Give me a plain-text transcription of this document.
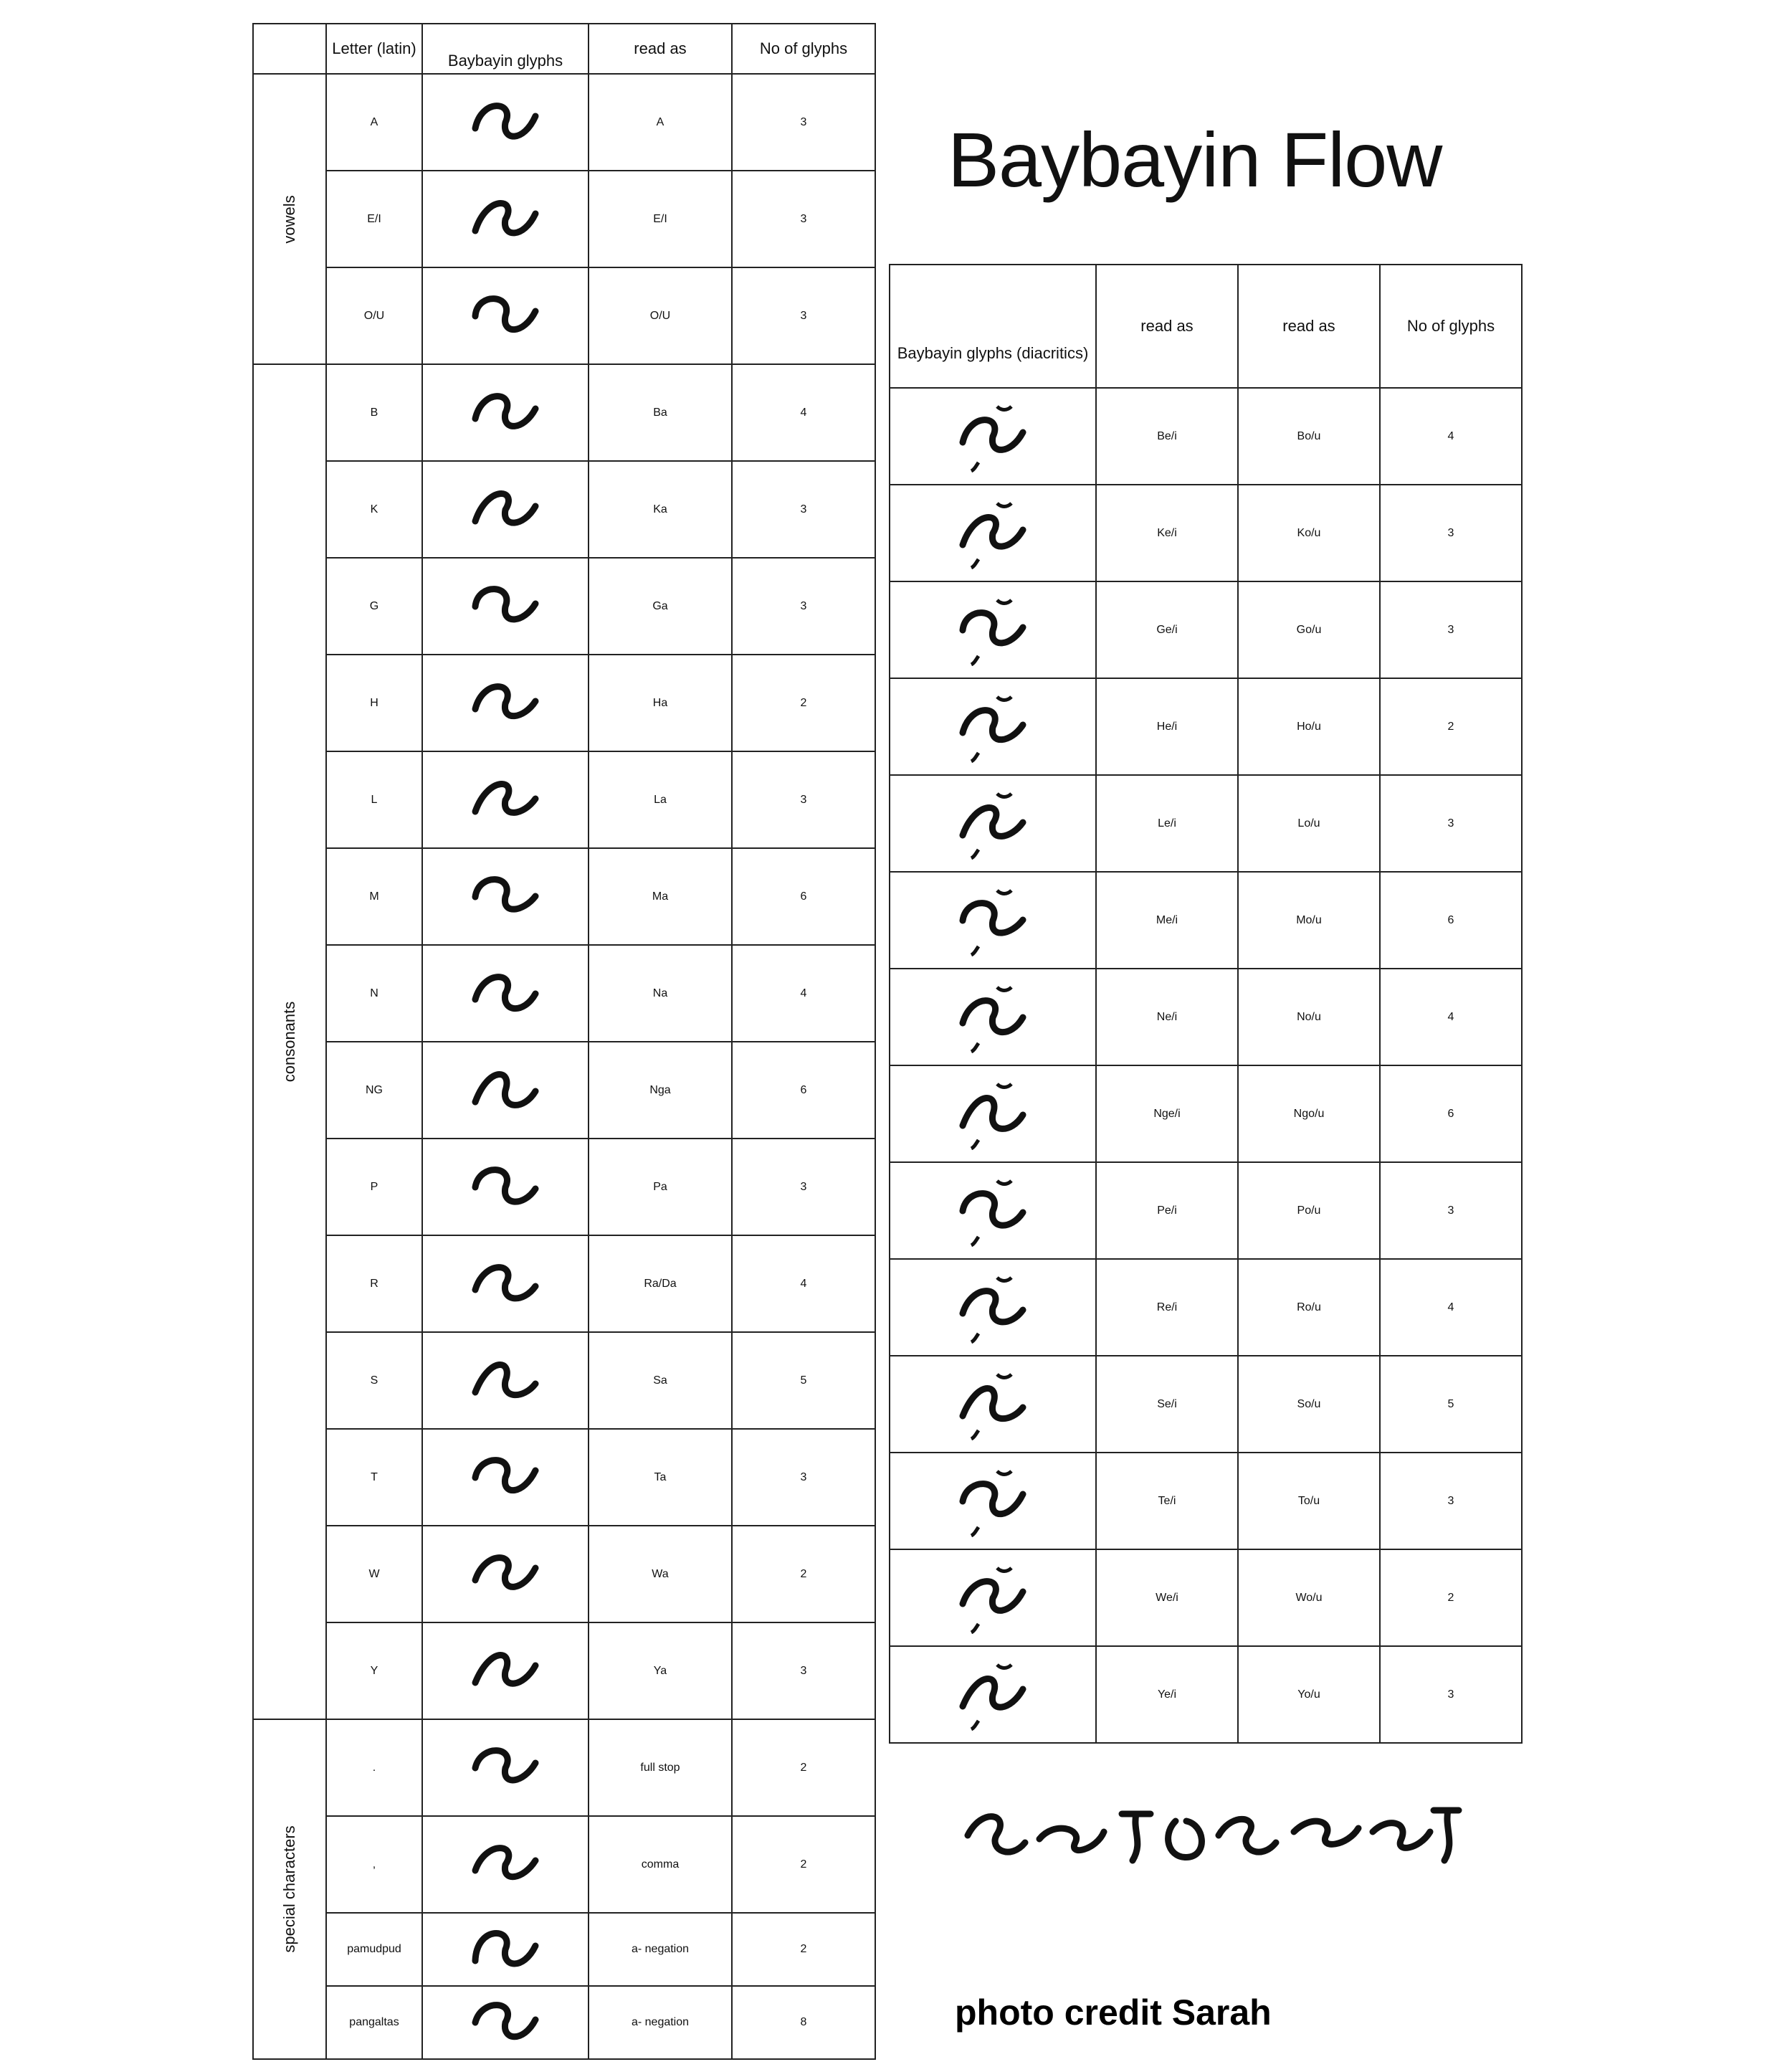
Baybayin Flow
	Letter (latin)	Baybayin glyphs	read as	No of glyphs

vowels	A		A	3
	E/I		E/I	3
	O/U		O/U	3

consonants	B		Ba	4
	K		Ka	3
	G		Ga	3
	H		Ha	2
	L		La	3
	M		Ma	6
	N		Na	4
	NG		Nga	6
	P		Pa	3
	R		Ra/Da	4
	S		Sa	5
	T		Ta	3
	W		Wa	2
	Y		Ya	3

special characters	.		full stop	2
	,		comma	2
	pamudpud		a- negation	2
	pangaltas		a- negation	8
Baybayin glyphs (diacritics)	read as	read as	No of glyphs

	Be/i	Bo/u	4

	Ke/i	Ko/u	3

	Ge/i	Go/u	3

	He/i	Ho/u	2

	Le/i	Lo/u	3

	Me/i	Mo/u	6

	Ne/i	No/u	4

	Nge/i	Ngo/u	6

	Pe/i	Po/u	3

	Re/i	Ro/u	4

	Se/i	So/u	5

	Te/i	To/u	3

	We/i	Wo/u	2

	Ye/i	Yo/u	3
photo credit Sarah
